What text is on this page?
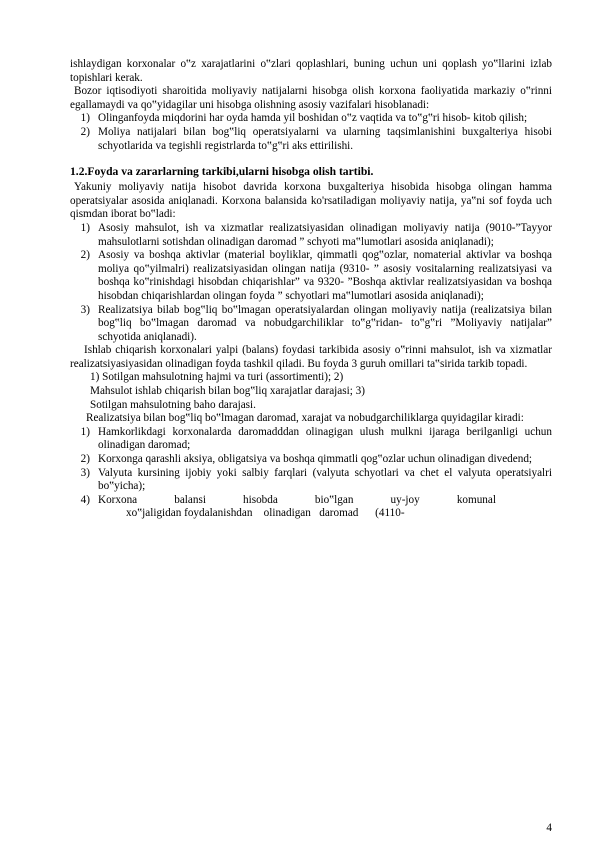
ishlaydigan korxonalar o‟z xarajatlarini o‟zlari qoplashlari, buning uchun uni qoplash yo‟llarini izlab topishlari kerak.

Bozor iqtisodiyoti sharoitida moliyaviy natijalarni hisobga olish korxona faoliyatida markaziy o‟rinni egallamaydi va qo‟yidagilar uni hisobga olishning asosiy vazifalari hisoblanadi:

1) Olinganfoyda miqdorini har oyda hamda yil boshidan o‟z vaqtida va to‟g‟ri hisob- kitob qilish;
2) Moliya natijalari bilan bog‟liq operatsiyalarni va ularning taqsimlanishini buxgalteriya hisobi schyotlarida va tegishli registrlarda to‟g‟ri aks ettirilishi.
1.2.Foyda va zararlarning tarkibi,ularni hisobga olish tartibi.

Yakuniy moliyaviy natija hisobot davrida korxona buxgalteriya hisobida hisobga olingan hamma operatsiyalar asosida aniqlanadi. Korxona balansida ko'rsatiladigan moliyaviy natija, ya‟ni sof foyda uch qismdan iborat bo‟ladi:

1) Asosiy mahsulot, ish va xizmatlar realizatsiyasidan olinadigan moliyaviy natija (9010-”Tayyor mahsulotlarni sotishdan olinadigan daromad ” schyoti ma‟lumotlari asosida aniqlanadi);
2) Asosiy va boshqa aktivlar (material boyliklar, qimmatli qog‟ozlar, nomaterial aktivlar va boshqa moliya qo‟yilmalri) realizatsiyasidan olingan natija (9310- ” asosiy vositalarning realizatsiyasi va boshqa ko‟rinishdagi hisobdan chiqarishlar” va 9320- ”Boshqa aktivlar realizatsiyasidan va boshqa hisobdan chiqarishlardan olingan foyda ” schyotlari ma‟lumotlari asosida aniqlanadi);
3) Realizatsiya bilab bog‟liq bo‟lmagan operatsiyalardan olingan moliyaviy natija (realizatsiya bilan bog‟liq bo‟lmagan daromad va nobudgarchiliklar to‟g‟ridan- to‟g‟ri ”Moliyaviy natijalar” schyotida aniqlanadi).

Ishlab chiqarish korxonalari yalpi (balans) foydasi tarkibida asosiy o‟rinni mahsulot, ish va xizmatlar realizatsiyasiyasidan olinadigan foyda tashkil qiladi. Bu foyda 3 guruh omillari ta‟sirida tarkib topadi.

1) Sotilgan mahsulotning hajmi va turi (assortimenti); 2)
Mahsulot ishlab chiqarish bilan bog‟liq xarajatlar darajasi; 3)
Sotilgan mahsulotning baho darajasi.

Realizatsiya bilan bog‟liq bo‟lmagan daromad, xarajat va nobudgarchiliklarga quyidagilar kiradi:

1) Hamkorlikdagi korxonalarda daromadddan olinagigan ulush mulkni ijaraga berilganligi uchun olinadigan daromad;
2) Korxonga qarashli aksiya, obligatsiya va boshqa qimmatli qog‟ozlar uchun olinadigan divedend;
3) Valyuta kursining ijobiy yoki salbiy farqlari (valyuta schyotlari va chet el valyuta operatsiyalri bo‟yicha);
4) Korxona	balansi	hisobda	bio‟lgan	uy-joy	komunal
xo‟jaligidan foydalanishdan    olinadigan   daromad      (4110-
4
